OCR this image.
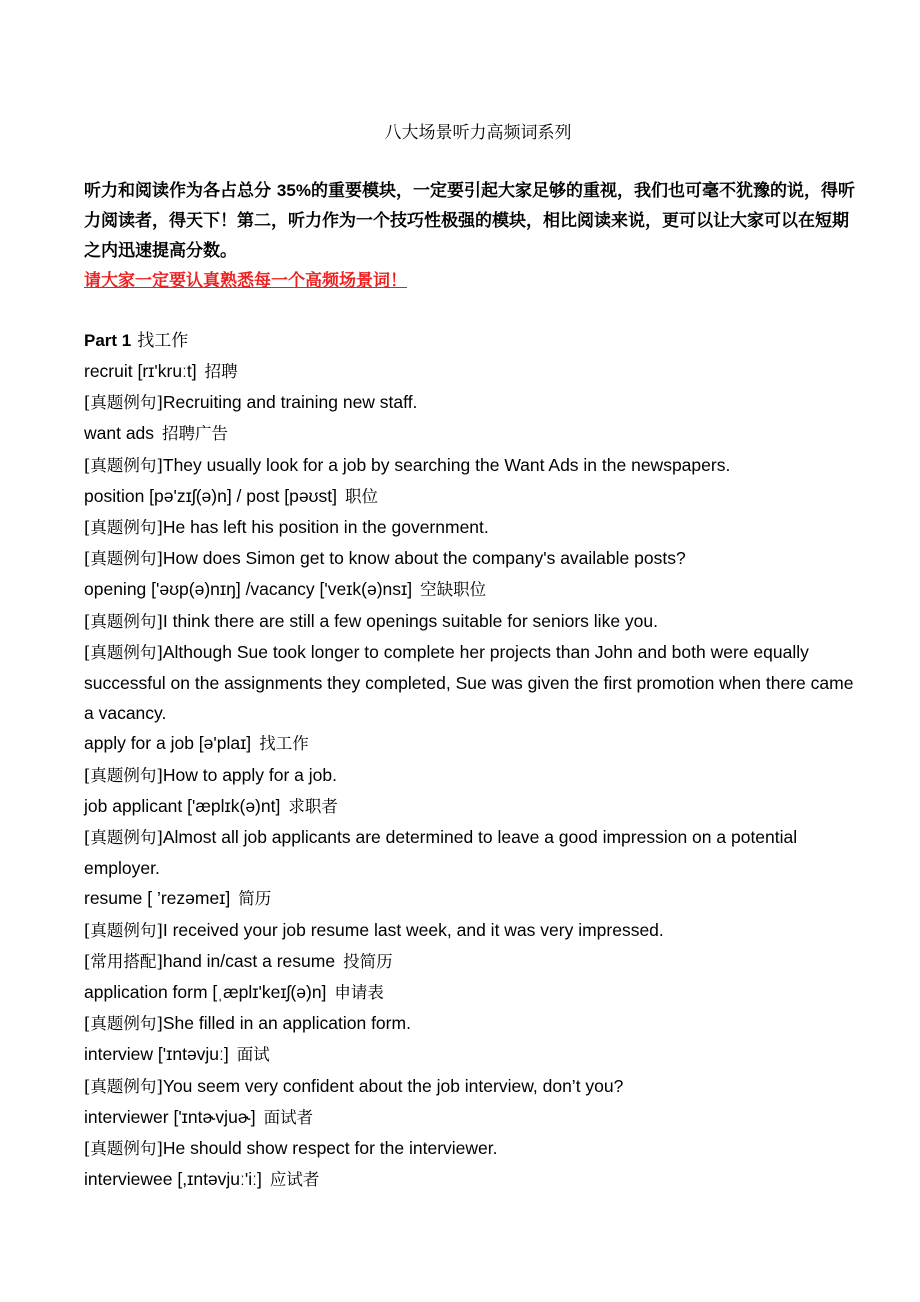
八大场景听力高频词系列
听力和阅读作为各占总分 35%的重要模块，一定要引起大家足够的重视，我们也可毫不犹豫的说，得听力阅读者，得天下！第二，听力作为一个技巧性极强的模块，相比阅读来说，更可以让大家可以在短期之内迅速提高分数。
请大家一定要认真熟悉每一个高频场景词！
Part 1 找工作
recruit [rɪ'kruːt] 招聘
[真题例句]Recruiting and training new staff.
want ads 招聘广告
[真题例句]They usually look for a job by searching the Want Ads in the newspapers.
position [pə'zɪʃ(ə)n] / post [pəʊst] 职位
[真题例句]He has left his position in the government.
[真题例句]How does Simon get to know about the company's available posts?
opening ['əʊp(ə)nɪŋ] /vacancy ['veɪk(ə)nsɪ] 空缺职位
[真题例句]I think there are still a few openings suitable for seniors like you.
[真题例句]Although Sue took longer to complete her projects than John and both were equally successful on the assignments they completed, Sue was given the first promotion when there came a vacancy.
apply for a job [ə'plaɪ] 找工作
[真题例句]How to apply for a job.
job applicant ['æplɪk(ə)nt] 求职者
[真题例句]Almost all job applicants are determined to leave a good impression on a potential employer.
resume [ ’rezəmeɪ] 简历
[真题例句]I received your job resume last week, and it was very impressed.
[常用搭配]hand in/cast a resume 投简历
application form [ˌæplɪ'keɪʃ(ə)n] 申请表
[真题例句]She filled in an application form.
interview ['ɪntəvjuː] 面试
[真题例句]You seem very confident about the job interview, don’t you?
interviewer ['ɪntɚvjuɚ] 面试者
[真题例句]He should show respect for the interviewer.
interviewee [,ɪntəvjuː'iː] 应试者
